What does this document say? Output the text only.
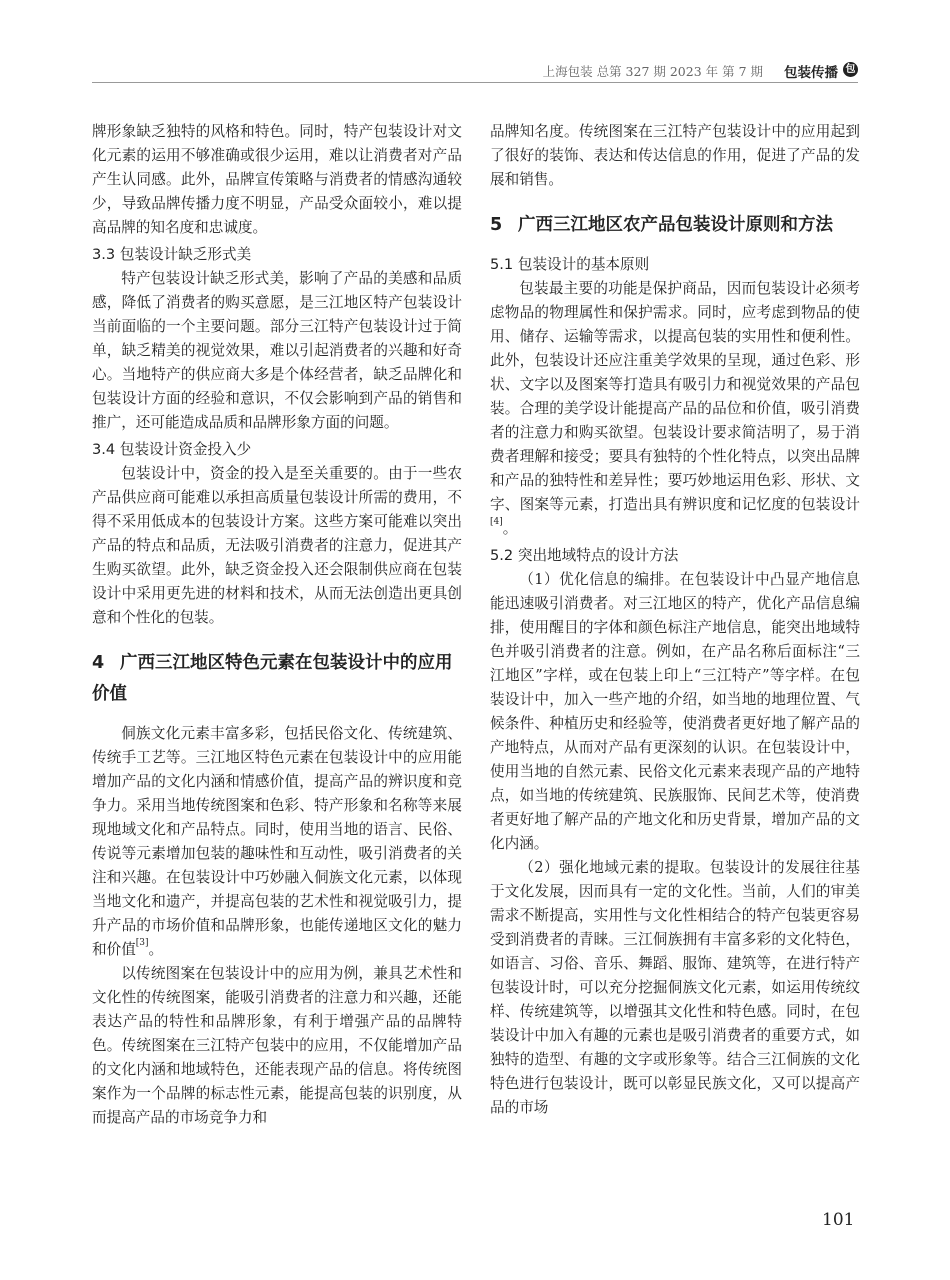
上海包装 总第 327 期 2023 年 第 7 期 包装传播 包

牌形象缺乏独特的风格和特色。同时，特产包装设计对文化元素的运用不够准确或很少运用，难以让消费者对产品产生认同感。此外，品牌宣传策略与消费者的情感沟通较少，导致品牌传播力度不明显，产品受众面较小，难以提高品牌的知名度和忠诚度。

3.3 包装设计缺乏形式美

特产包装设计缺乏形式美，影响了产品的美感和品质感，降低了消费者的购买意愿，是三江地区特产包装设计当前面临的一个主要问题。部分三江特产包装设计过于简单，缺乏精美的视觉效果，难以引起消费者的兴趣和好奇心。当地特产的供应商大多是个体经营者，缺乏品牌化和包装设计方面的经验和意识，不仅会影响到产品的销售和推广，还可能造成品质和品牌形象方面的问题。

3.4 包装设计资金投入少

包装设计中，资金的投入是至关重要的。由于一些农产品供应商可能难以承担高质量包装设计所需的费用，不得不采用低成本的包装设计方案。这些方案可能难以突出产品的特点和品质，无法吸引消费者的注意力，促进其产生购买欲望。此外，缺乏资金投入还会限制供应商在包装设计中采用更先进的材料和技术，从而无法创造出更具创意和个性化的包装。

4 广西三江地区特色元素在包装设计中的应用价值

侗族文化元素丰富多彩，包括民俗文化、传统建筑、传统手工艺等。三江地区特色元素在包装设计中的应用能增加产品的文化内涵和情感价值，提高产品的辨识度和竞争力。采用当地传统图案和色彩、特产形象和名称等来展现地域文化和产品特点。同时，使用当地的语言、民俗、传说等元素增加包装的趣味性和互动性，吸引消费者的关注和兴趣。在包装设计中巧妙融入侗族文化元素，以体现当地文化和遗产，并提高包装的艺术性和视觉吸引力，提升产品的市场价值和品牌形象，也能传递地区文化的魅力和价值[3]。

以传统图案在包装设计中的应用为例，兼具艺术性和文化性的传统图案，能吸引消费者的注意力和兴趣，还能表达产品的特性和品牌形象，有利于增强产品的品牌特色。传统图案在三江特产包装中的应用，不仅能增加产品的文化内涵和地域特色，还能表现产品的信息。将传统图案作为一个品牌的标志性元素，能提高包装的识别度，从而提高产品的市场竞争力和

品牌知名度。传统图案在三江特产包装设计中的应用起到了很好的装饰、表达和传达信息的作用，促进了产品的发展和销售。

5 广西三江地区农产品包装设计原则和方法
5.1 包装设计的基本原则

包装最主要的功能是保护商品，因而包装设计必须考虑物品的物理属性和保护需求。同时，应考虑到物品的使用、储存、运输等需求，以提高包装的实用性和便利性。此外，包装设计还应注重美学效果的呈现，通过色彩、形状、文字以及图案等打造具有吸引力和视觉效果的产品包装。合理的美学设计能提高产品的品位和价值，吸引消费者的注意力和购买欲望。包装设计要求简洁明了，易于消费者理解和接受；要具有独特的个性化特点，以突出品牌和产品的独特性和差异性；要巧妙地运用色彩、形状、文字、图案等元素，打造出具有辨识度和记忆度的包装设计[4]。

5.2 突出地域特点的设计方法

（1）优化信息的编排。在包装设计中凸显产地信息能迅速吸引消费者。对三江地区的特产，优化产品信息编排，使用醒目的字体和颜色标注产地信息，能突出地域特色并吸引消费者的注意。例如，在产品名称后面标注“三江地区”字样，或在包装上印上“三江特产”等字样。在包装设计中，加入一些产地的介绍，如当地的地理位置、气候条件、种植历史和经验等，使消费者更好地了解产品的产地特点，从而对产品有更深刻的认识。在包装设计中，使用当地的自然元素、民俗文化元素来表现产品的产地特点，如当地的传统建筑、民族服饰、民间艺术等，使消费者更好地了解产品的产地文化和历史背景，增加产品的文化内涵。

（2）强化地域元素的提取。包装设计的发展往往基于文化发展，因而具有一定的文化性。当前，人们的审美需求不断提高，实用性与文化性相结合的特产包装更容易受到消费者的青睐。三江侗族拥有丰富多彩的文化特色，如语言、习俗、音乐、舞蹈、服饰、建筑等，在进行特产包装设计时，可以充分挖掘侗族文化元素，如运用传统纹样、传统建筑等，以增强其文化性和特色感。同时，在包装设计中加入有趣的元素也是吸引消费者的重要方式，如独特的造型、有趣的文字或形象等。结合三江侗族的文化特色进行包装设计，既可以彰显民族文化，又可以提高产品的市场

101
